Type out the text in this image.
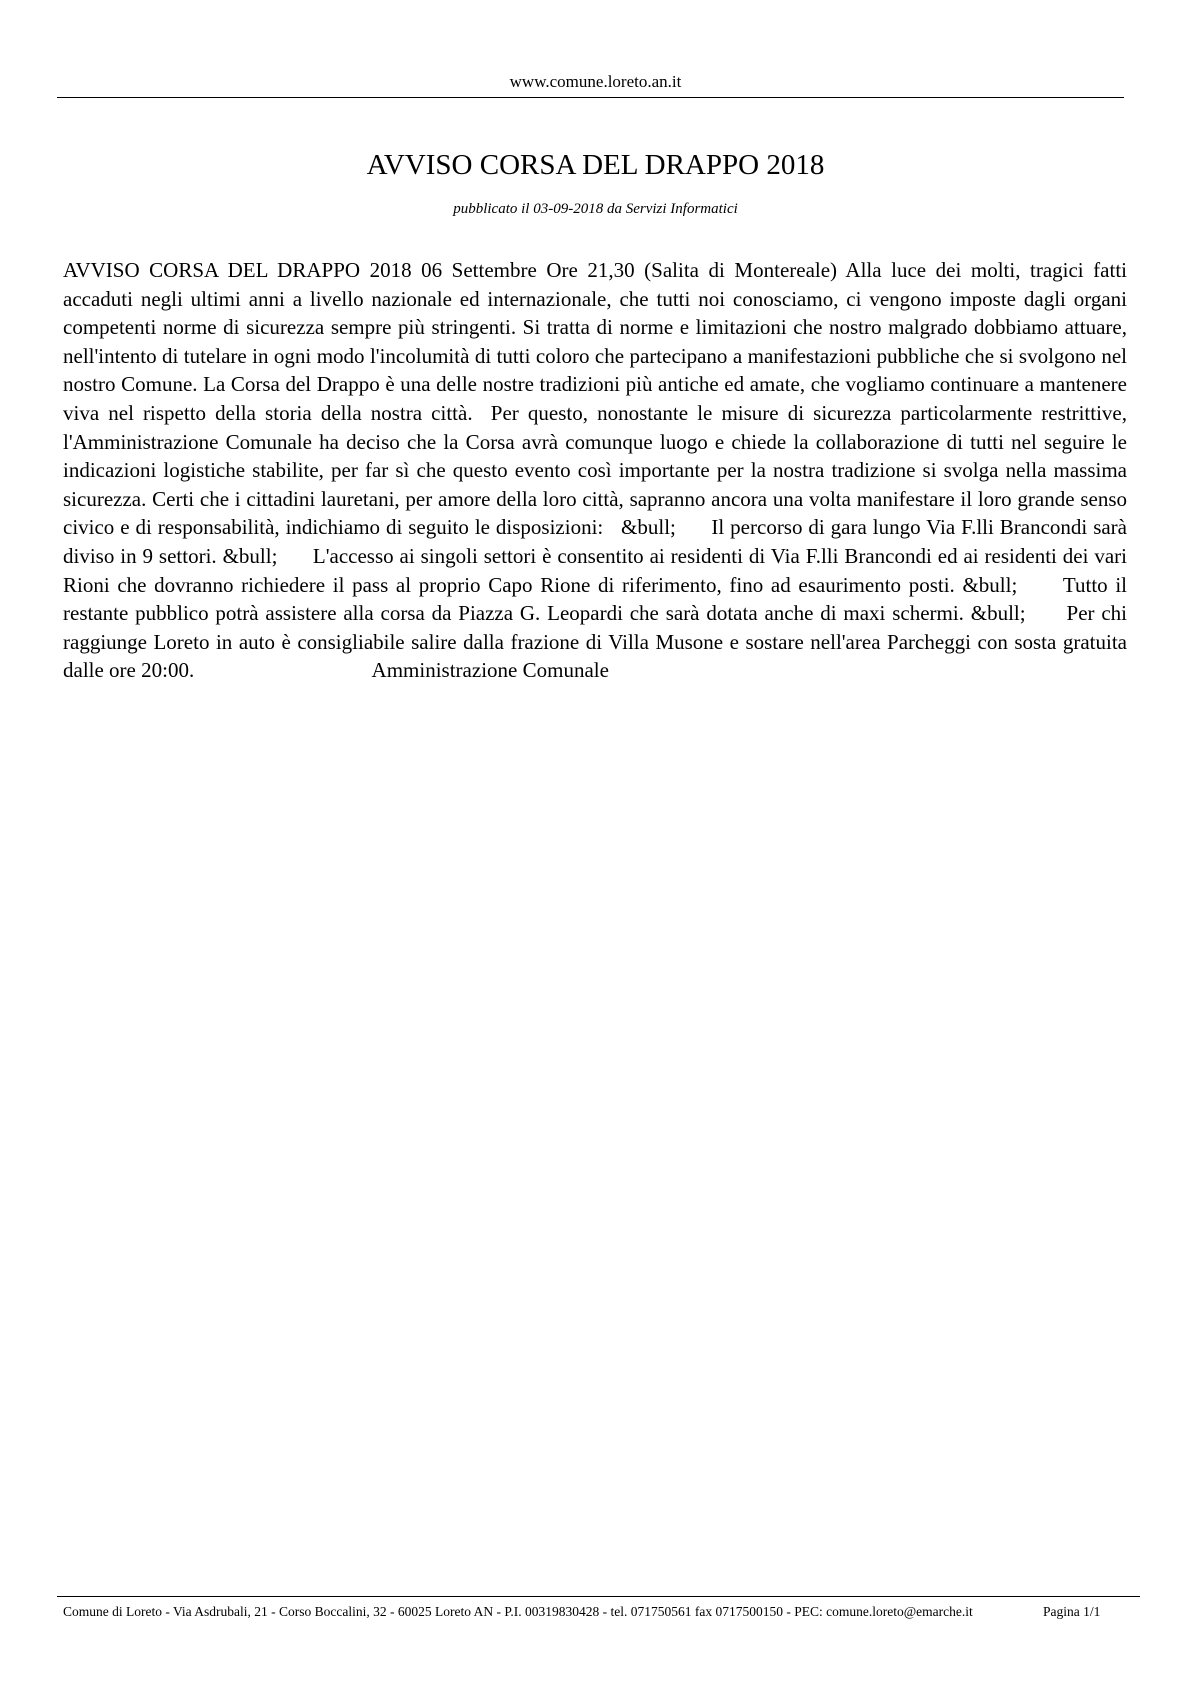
www.comune.loreto.an.it
AVVISO CORSA DEL DRAPPO 2018
pubblicato il 03-09-2018 da Servizi Informatici

AVVISO CORSA DEL DRAPPO 2018 06 Settembre Ore 21,30 (Salita di Montereale) Alla luce dei molti, tragici fatti accaduti negli ultimi anni a livello nazionale ed internazionale, che tutti noi conosciamo, ci vengono imposte dagli organi competenti norme di sicurezza sempre più stringenti. Si tratta di norme e limitazioni che nostro malgrado dobbiamo attuare, nell'intento di tutelare in ogni modo l'incolumità di tutti coloro che partecipano a manifestazioni pubbliche che si svolgono nel nostro Comune. La Corsa del Drappo è una delle nostre tradizioni più antiche ed amate, che vogliamo continuare a mantenere viva nel rispetto della storia della nostra città.  Per questo, nonostante le misure di sicurezza particolarmente restrittive, l'Amministrazione Comunale ha deciso che la Corsa avrà comunque luogo e chiede la collaborazione di tutti nel seguire le indicazioni logistiche stabilite, per far sì che questo evento così importante per la nostra tradizione si svolga nella massima sicurezza. Certi che i cittadini lauretani, per amore della loro città, sapranno ancora una volta manifestare il loro grande senso civico e di responsabilità, indichiamo di seguito le disposizioni:   &bull;      Il percorso di gara lungo Via F.lli Brancondi sarà diviso in 9 settori. &bull;      L'accesso ai singoli settori è consentito ai residenti di Via F.lli Brancondi ed ai residenti dei vari Rioni che dovranno richiedere il pass al proprio Capo Rione di riferimento, fino ad esaurimento posti. &bull;      Tutto il restante pubblico potrà assistere alla corsa da Piazza G. Leopardi che sarà dotata anche di maxi schermi. &bull;      Per chi raggiunge Loreto in auto è consigliabile salire dalla frazione di Villa Musone e sostare nell'area Parcheggi con sosta gratuita dalle ore 20:00.                                  Amministrazione Comunale

Comune di Loreto - Via Asdrubali, 21 - Corso Boccalini, 32 - 60025 Loreto AN - P.I. 00319830428 - tel. 071750561 fax 0717500150 - PEC: comune.loreto@emarche.it	Pagina 1/1
